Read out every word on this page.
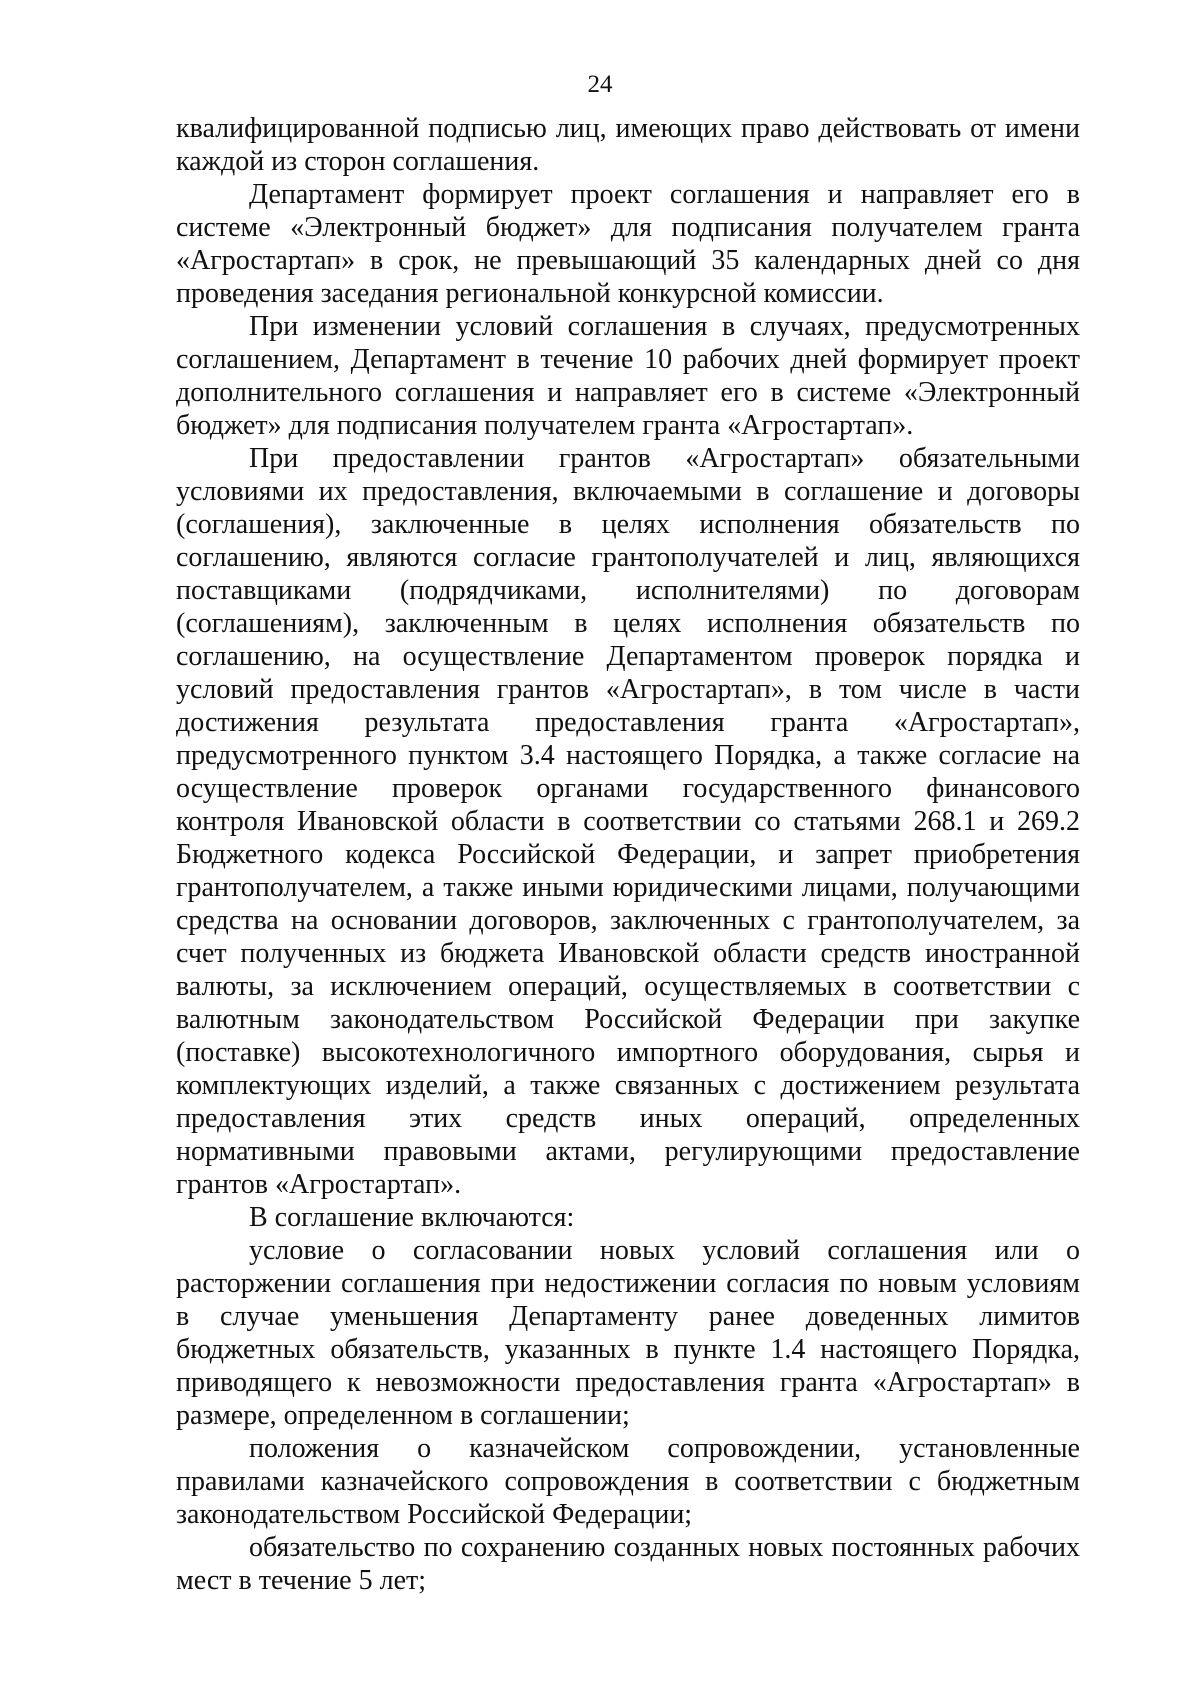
24

квалифицированной подписью лиц, имеющих право действовать от имени каждой из сторон соглашения.

Департамент формирует проект соглашения и направляет его в системе «Электронный бюджет» для подписания получателем гранта «Агростартап» в срок, не превышающий 35 календарных дней со дня проведения заседания региональной конкурсной комиссии.

При изменении условий соглашения в случаях, предусмотренных соглашением, Департамент в течение 10 рабочих дней формирует проект дополнительного соглашения и направляет его в системе «Электронный бюджет» для подписания получателем гранта «Агростартап».

При предоставлении грантов «Агростартап» обязательными условиями их предоставления, включаемыми в соглашение и договоры (соглашения), заключенные в целях исполнения обязательств по соглашению, являются согласие грантополучателей и лиц, являющихся поставщиками (подрядчиками, исполнителями) по договорам (соглашениям), заключенным в целях исполнения обязательств по соглашению, на осуществление Департаментом проверок порядка и условий предоставления грантов «Агростартап», в том числе в части достижения результата предоставления гранта «Агростартап», предусмотренного пунктом 3.4 настоящего Порядка, а также согласие на осуществление проверок органами государственного финансового контроля Ивановской области в соответствии со статьями 268.1 и 269.2 Бюджетного кодекса Российской Федерации, и запрет приобретения грантополучателем, а также иными юридическими лицами, получающими средства на основании договоров, заключенных с грантополучателем, за счет полученных из бюджета Ивановской области средств иностранной валюты, за исключением операций, осуществляемых в соответствии с валютным законодательством Российской Федерации при закупке (поставке) высокотехнологичного импортного оборудования, сырья и комплектующих изделий, а также связанных с достижением результата предоставления этих средств иных операций, определенных нормативными правовыми актами, регулирующими предоставление грантов «Агростартап».

В соглашение включаются:

условие о согласовании новых условий соглашения или о расторжении соглашения при недостижении согласия по новым условиям в случае уменьшения Департаменту ранее доведенных лимитов бюджетных обязательств, указанных в пункте 1.4 настоящего Порядка, приводящего к невозможности предоставления гранта «Агростартап» в размере, определенном в соглашении;

положения о казначейском сопровождении, установленные правилами казначейского сопровождения в соответствии с бюджетным законодательством Российской Федерации;

обязательство по сохранению созданных новых постоянных рабочих мест в течение 5 лет;
